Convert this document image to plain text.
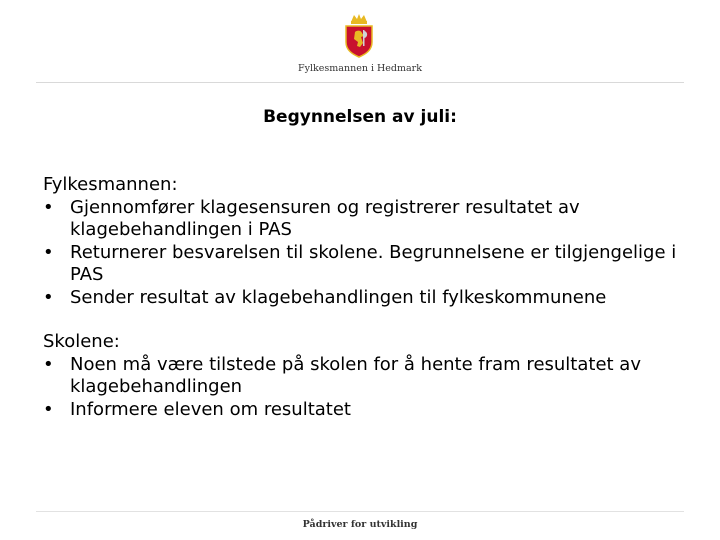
Fylkesmannen i Hedmark
Begynnelsen av juli:

Fylkesmannen:

• Gjennomfører klagesensuren og registrerer resultatet av klagebehandlingen i PAS
• Returnerer besvarelsen til skolene. Begrunnelsene er tilgjengelige i PAS
• Sender resultat av klagebehandlingen til fylkeskommunene

Skolene:

• Noen må være tilstede på skolen for å hente fram resultatet av klagebehandlingen
• Informere eleven om resultatet
Pådriver for utvikling
